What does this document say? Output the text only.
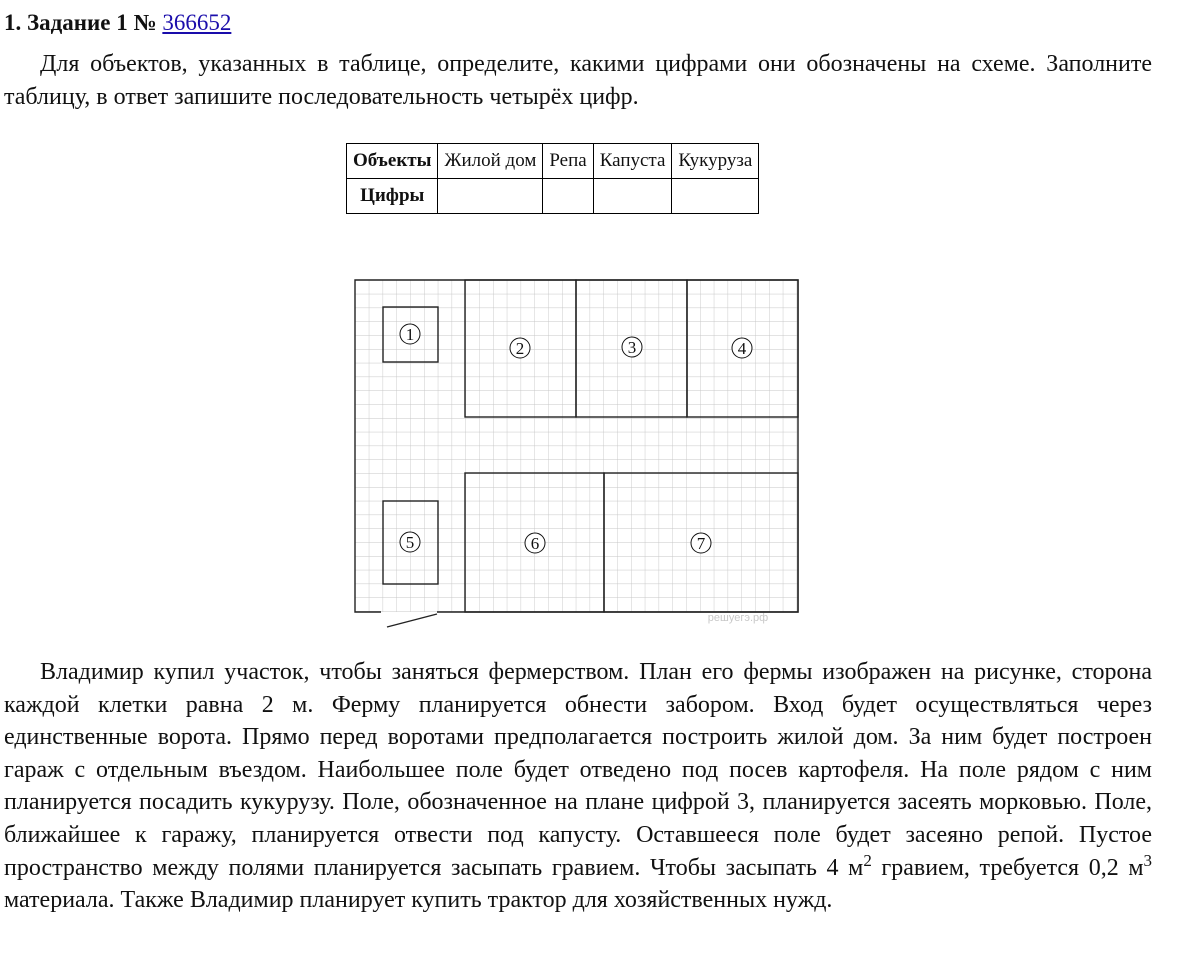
1. Задание 1 № 366652

Для объектов, указанных в таблице, определите, какими цифрами они обозначены на схеме. Заполните таблицу, в ответ запишите последовательность четырёх цифр.

Объекты	Жилой дом	Репа	Капуста	Кукуруза
Цифры				
1
2	3	4
5	6	7
решуегэ.рф

Владимир купил участок, чтобы заняться фермерством. План его фермы изображен на рисунке, сторона каждой клетки равна 2 м. Ферму планируется обнести забором. Вход будет осуществляться через единственные ворота. Прямо перед воротами предполагается построить жилой дом. За ним будет построен гараж с отдельным въездом. Наибольшее поле будет отведено под посев картофеля. На поле рядом с ним планируется посадить кукурузу. Поле, обозначенное на плане цифрой 3, планируется засеять морковью. Поле, ближайшее к гаражу, планируется отвести под капусту. Оставшееся поле будет засеяно репой. Пустое пространство между полями планируется засыпать гравием. Чтобы засыпать 4 $м^2$ гравием, требуется 0,2 $м^3$ материала. Также Владимир планирует купить трактор для хозяйственных нужд.
